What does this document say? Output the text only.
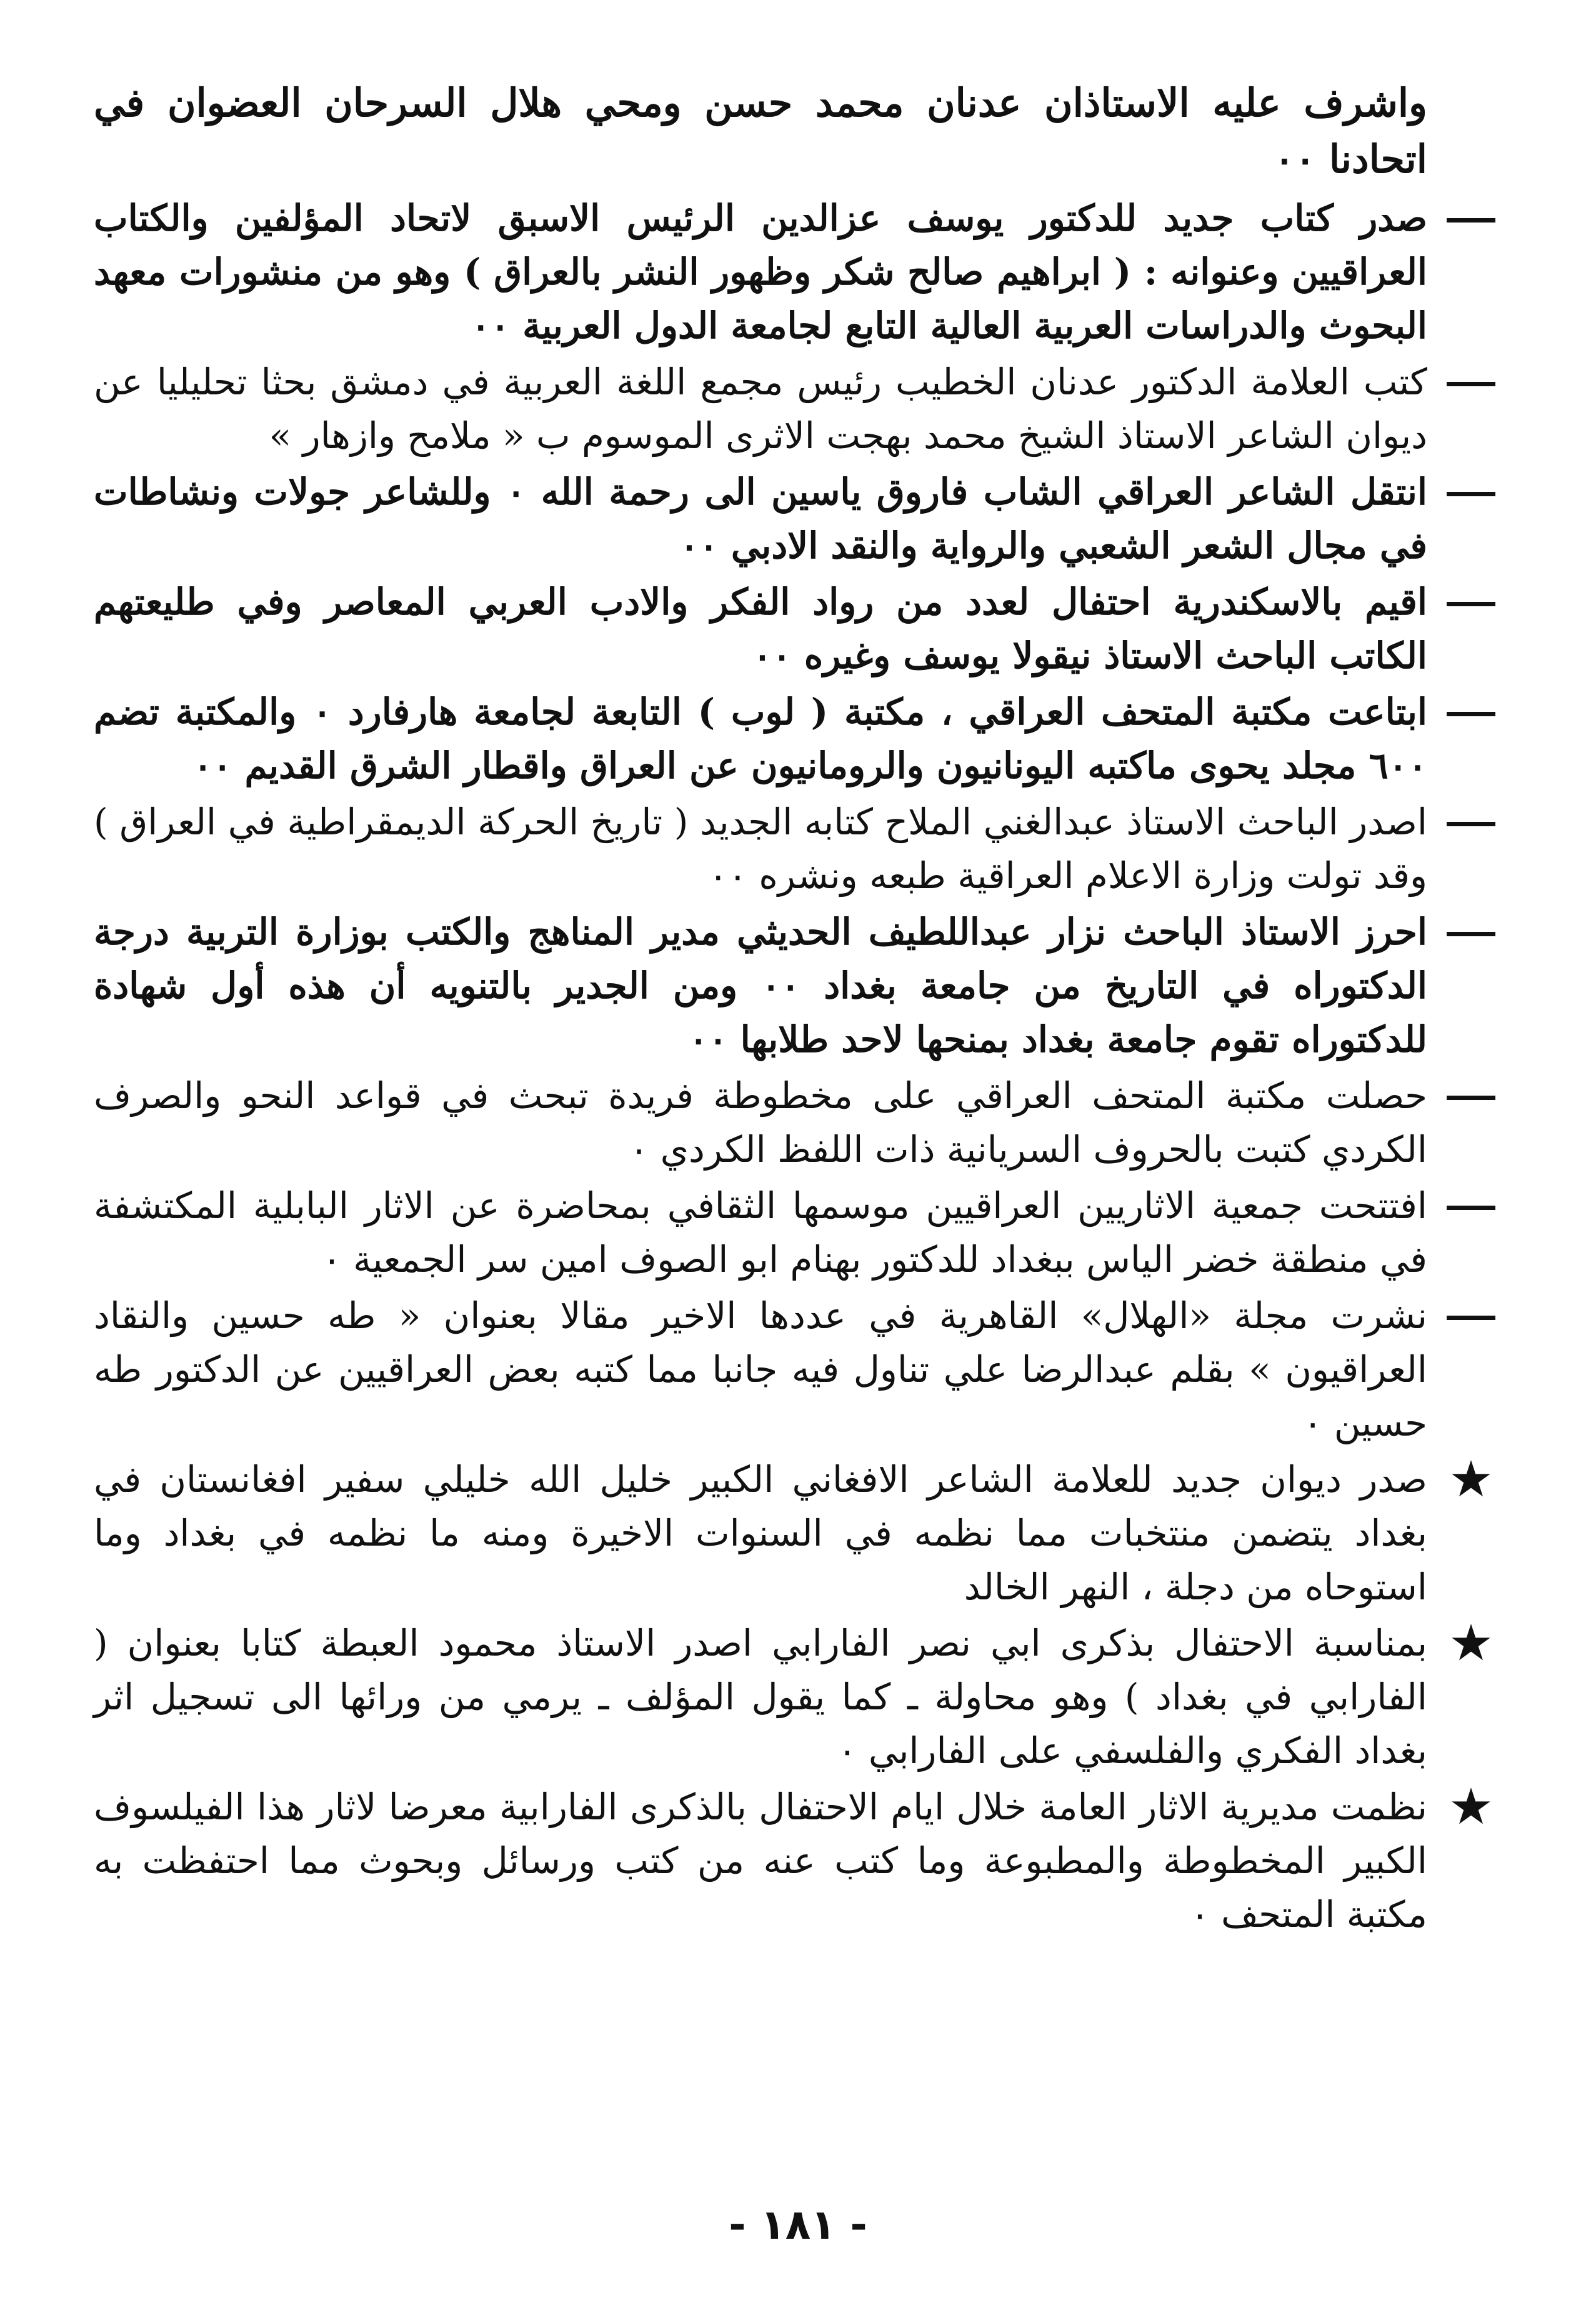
واشرف عليه الاستاذان عدنان محمد حسن ومحي هلال السرحان العضوان في اتحادنا ٠٠

صدر كتاب جديد للدكتور يوسف عزالدين الرئيس الاسبق لاتحاد المؤلفين والكتاب العراقيين وعنوانه : ( ابراهيم صالح شكر وظهور النشر بالعراق ) وهو من منشورات معهد البحوث والدراسات العربية العالية التابع لجامعة الدول العربية ٠٠
كتب العلامة الدكتور عدنان الخطيب رئيس مجمع اللغة العربية في دمشق بحثا تحليليا عن ديوان الشاعر الاستاذ الشيخ محمد بهجت الاثرى الموسوم ب « ملامح وازهار »
انتقل الشاعر العراقي الشاب فاروق ياسين الى رحمة الله ٠ وللشاعر جولات ونشاطات في مجال الشعر الشعبي والرواية والنقد الادبي ٠٠
اقيم بالاسكندرية احتفال لعدد من رواد الفكر والادب العربي المعاصر وفي طليعتهم الكاتب الباحث الاستاذ نيقولا يوسف وغيره ٠٠
ابتاعت مكتبة المتحف العراقي ، مكتبة ( لوب ) التابعة لجامعة هارفارد ٠ والمكتبة تضم ٦٠٠ مجلد يحوى ماكتبه اليونانيون والرومانيون عن العراق واقطار الشرق القديم ٠٠
اصدر الباحث الاستاذ عبدالغني الملاح كتابه الجديد ( تاريخ الحركة الديمقراطية في العراق ) وقد تولت وزارة الاعلام العراقية طبعه ونشره ٠٠
احرز الاستاذ الباحث نزار عبداللطيف الحديثي مدير المناهج والكتب بوزارة التربية درجة الدكتوراه في التاريخ من جامعة بغداد ٠٠ ومن الجدير بالتنويه أن هذه أول شهادة للدكتوراه تقوم جامعة بغداد بمنحها لاحد طلابها ٠٠
حصلت مكتبة المتحف العراقي على مخطوطة فريدة تبحث في قواعد النحو والصرف الكردي كتبت بالحروف السريانية ذات اللفظ الكردي ٠
افتتحت جمعية الاثاريين العراقيين موسمها الثقافي بمحاضرة عن الاثار البابلية المكتشفة في منطقة خضر الياس ببغداد للدكتور بهنام ابو الصوف امين سر الجمعية ٠
نشرت مجلة «الهلال» القاهرية في عددها الاخير مقالا بعنوان « طه حسين والنقاد العراقيون » بقلم عبدالرضا علي تناول فيه جانبا مما كتبه بعض العراقيين عن الدكتور طه حسين ٠
★
صدر ديوان جديد للعلامة الشاعر الافغاني الكبير خليل الله خليلي سفير افغانستان في بغداد يتضمن منتخبات مما نظمه في السنوات الاخيرة ومنه ما نظمه في بغداد وما استوحاه من دجلة ، النهر الخالد
★
بمناسبة الاحتفال بذكرى ابي نصر الفارابي اصدر الاستاذ محمود العبطة كتابا بعنوان ( الفارابي في بغداد ) وهو محاولة ـ كما يقول المؤلف ـ يرمي من ورائها الى تسجيل اثر بغداد الفكري والفلسفي على الفارابي ٠
★
نظمت مديرية الاثار العامة خلال ايام الاحتفال بالذكرى الفارابية معرضا لاثار هذا الفيلسوف الكبير المخطوطة والمطبوعة وما كتب عنه من كتب ورسائل وبحوث مما احتفظت به مكتبة المتحف ٠
- ١٨١ -
